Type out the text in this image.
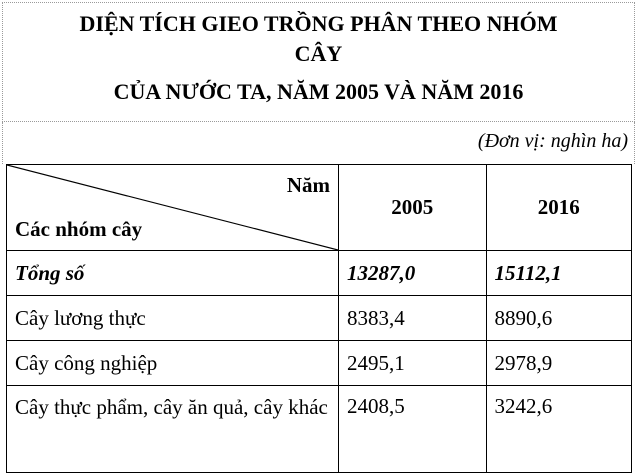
DIỆN TÍCH GIEO TRỒNG PHÂN THEO NHÓM
CÂY
CỦA NƯỚC TA, NĂM 2005 VÀ NĂM 2016
(Đơn vị: nghìn ha)
Năm
Các nhóm cây	2005	2016
Tổng số	13287,0	15112,1
Cây lương thực	8383,4	8890,6
Cây công nghiệp	2495,1	2978,9
Cây thực phẩm, cây ăn quả, cây khác	2408,5	3242,6
